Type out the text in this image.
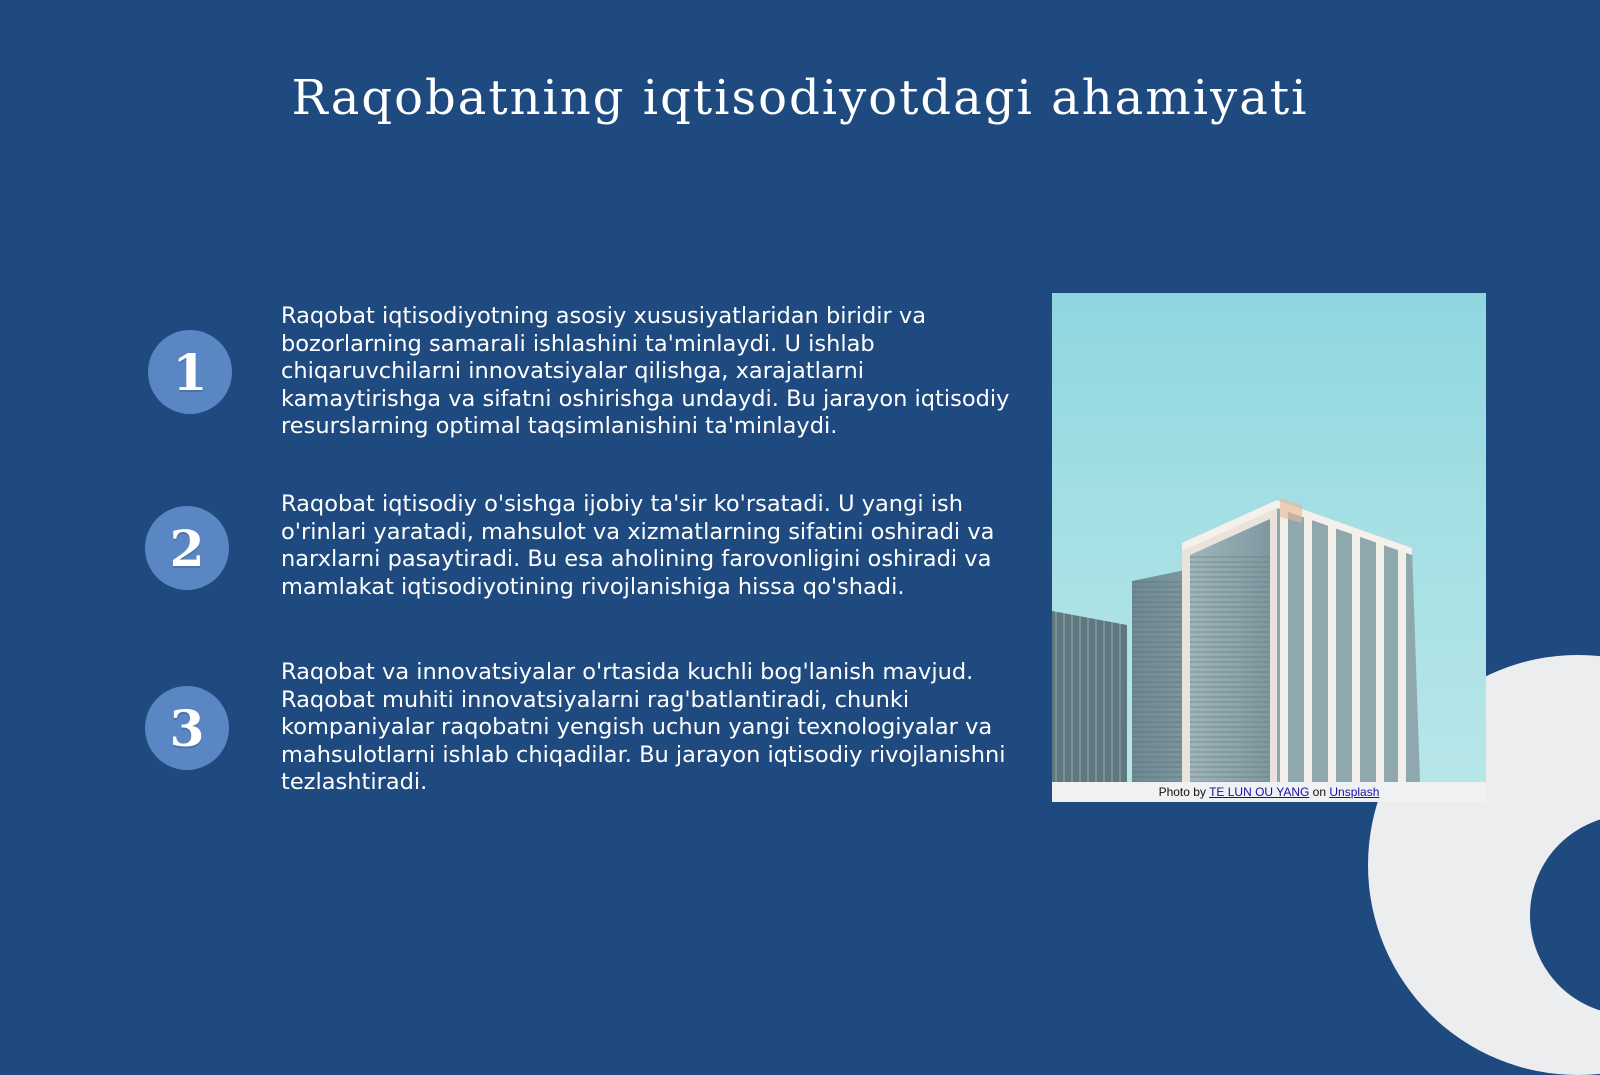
Raqobatning iqtisodiyotdagi ahamiyati
1

Raqobat iqtisodiyotning asosiy xususiyatlaridan biridir va bozorlarning samarali ishlashini ta'minlaydi. U ishlab chiqaruvchilarni innovatsiyalar qilishga, xarajatlarni kamaytirishga va sifatni oshirishga undaydi. Bu jarayon iqtisodiy resurslarning optimal taqsimlanishini ta'minlaydi.

2

Raqobat iqtisodiy o'sishga ijobiy ta'sir ko'rsatadi. U yangi ish o'rinlari yaratadi, mahsulot va xizmatlarning sifatini oshiradi va narxlarni pasaytiradi. Bu esa aholining farovonligini oshiradi va mamlakat iqtisodiyotining rivojlanishiga hissa qo'shadi.

3

Raqobat va innovatsiyalar o'rtasida kuchli bog'lanish mavjud. Raqobat muhiti innovatsiyalarni rag'batlantiradi, chunki kompaniyalar raqobatni yengish uchun yangi texnologiyalar va mahsulotlarni ishlab chiqadilar. Bu jarayon iqtisodiy rivojlanishni tezlashtiradi.	Photo by TE LUN OU YANG on Unsplash
